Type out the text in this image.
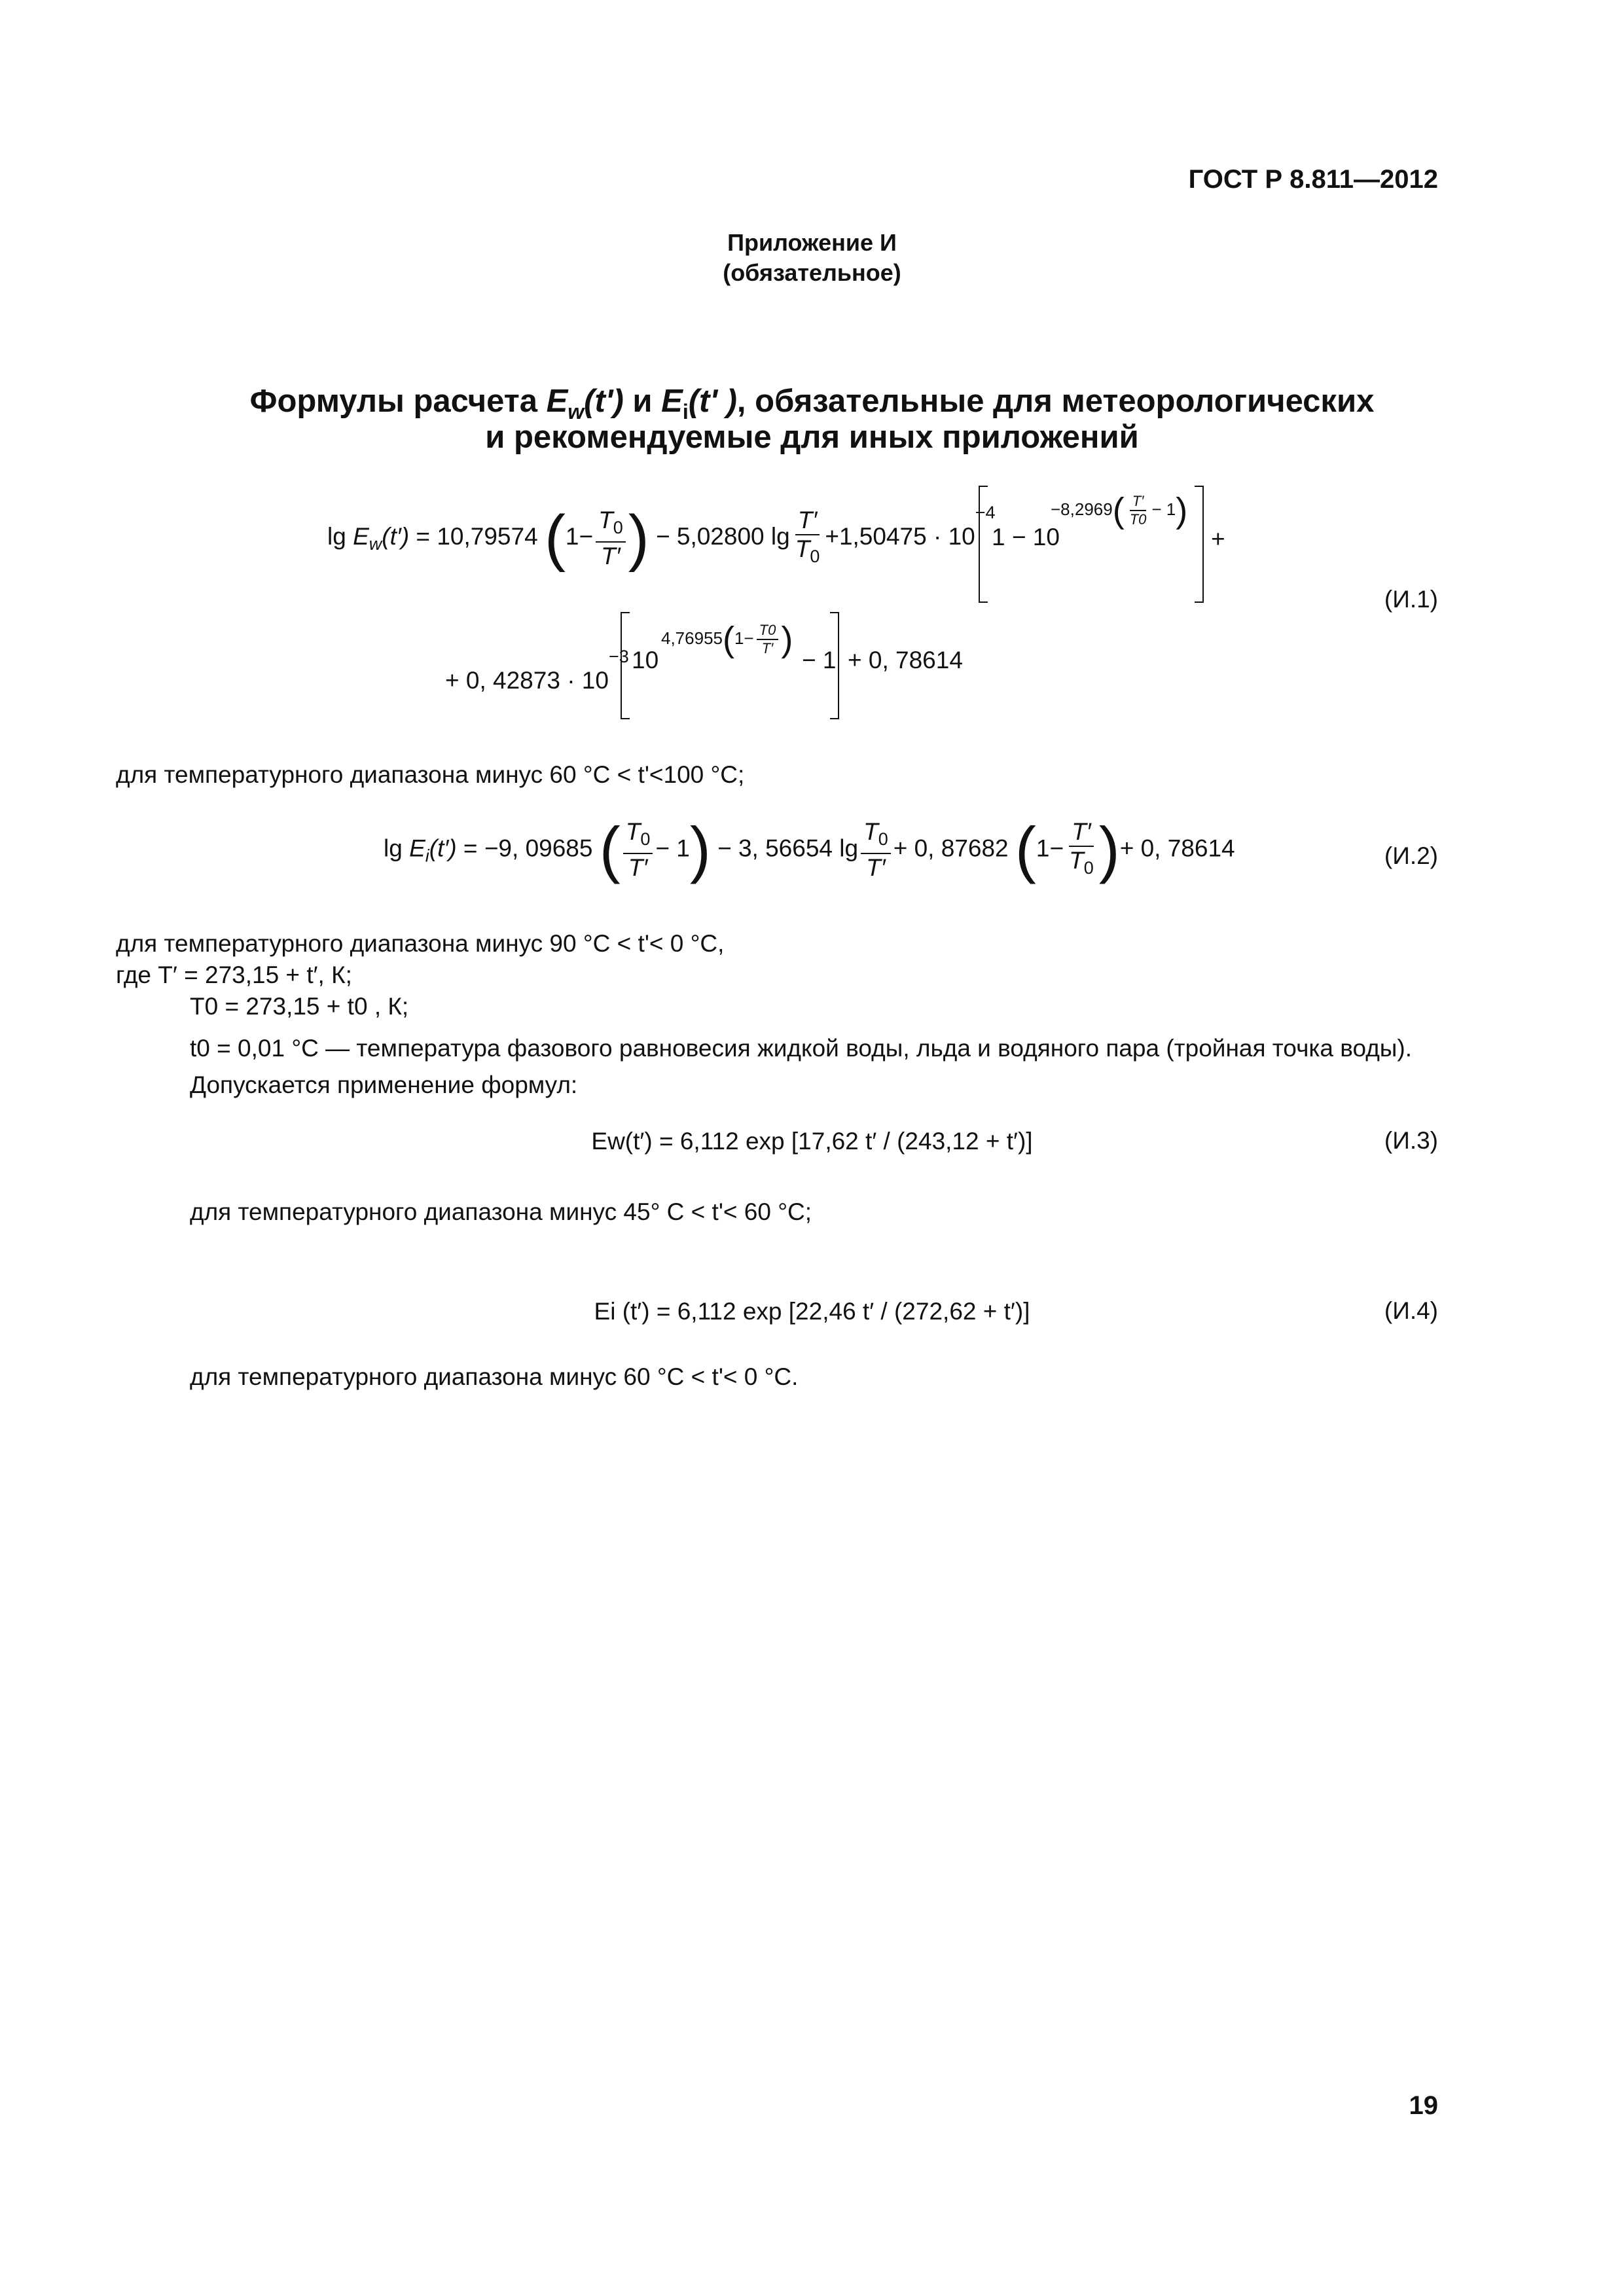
ГОСТ Р 8.811—2012
Приложение И
(обязательное)
Формулы расчета $E_w(t')$ и $E_i(t'$ ), обязательные для метеорологических
и рекомендуемые для иных приложений
$\lg E_w(t') = 10,79574$ ($1- \frac{T_0}{T'}$ ) − 5,02800 $\lg \frac{T'}{T_0} +1,50475 \cdot 10^{-4}$
1 − 10
$-8,2969( \frac{T'}{T0} - 1)$
+
(И.1)
+ 0, $42873 \cdot 10^{-3}$ 10
$4,76955(1- \frac{T0}{T'}$ )
− 1 + 0, 78614
для температурного диапазона минус 60 °C < t'<100 °C;
$\lg E_i(t') = -9$, 09685 ( $\frac{T_0}{T'} - 1) - 3$, 56654 $\lg \frac{T_0}{T'} + 0$, 87682 ($1- \frac{T'}{T_0}$ )+ 0, 78614	(И.2)
для температурного диапазона минус 90 °C < t'< 0 °C,
где T′ = 273,15 + t′, К;
T0 = 273,15 + t0 , К;
t0 = 0,01 °C — температура фазового равновесия жидкой воды, льда и водяного пара (тройная точка воды).
Допускается применение формул:
Ew(t′) = 6,112 exp [17,62 t′ / (243,12 + t′)]	(И.3)
для температурного диапазона минус 45° С < t'< 60 °C;
Ei (t′) = 6,112 exp [22,46 t′ / (272,62 + t′)]	(И.4)
для температурного диапазона минус 60 °C < t'< 0 °C.
19
